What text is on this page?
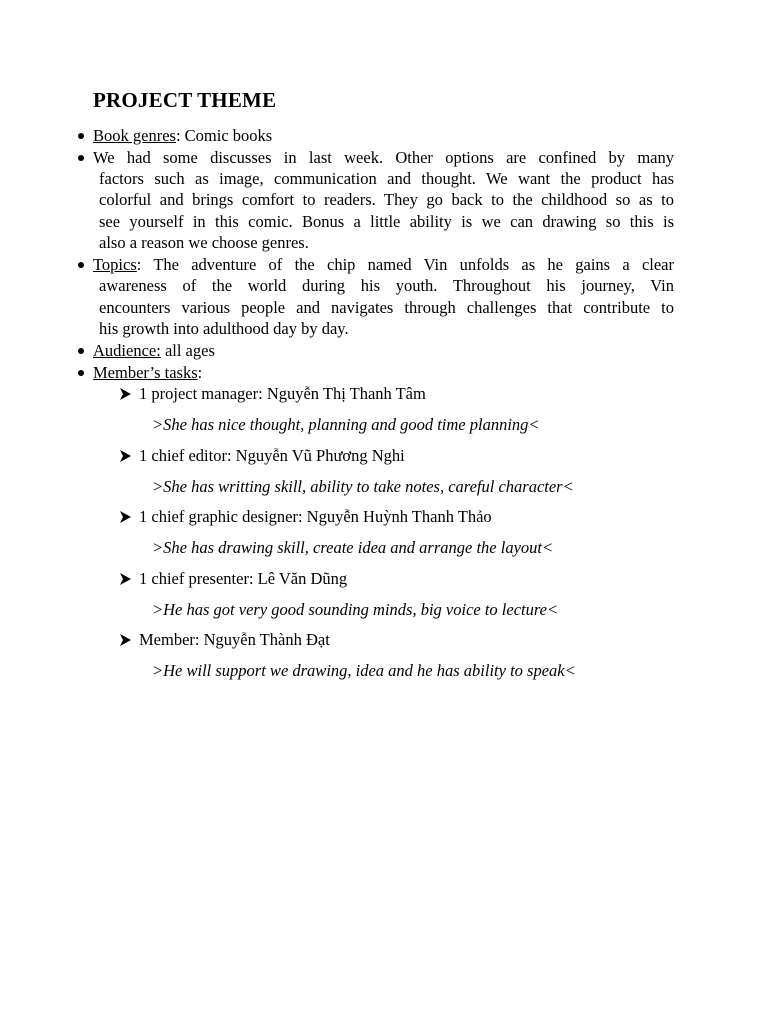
PROJECT THEME
Book genres: Comic books
We had some discusses in last week. Other options are confined by many
factors such as image, communication and thought. We want the product has
colorful and brings comfort to readers. They go back to the childhood so as to
see yourself in this comic. Bonus a little ability is we can drawing so this is
also a reason we choose genres.
Topics: The adventure of the chip named Vin unfolds as he gains a clear
awareness of the world during his youth. Throughout his journey, Vin
encounters various people and navigates through challenges that contribute to
his growth into adulthood day by day.
Audience: all ages
Member’s tasks:
1 project manager: Nguyễn Thị Thanh Tâm
>She has nice thought, planning and good time planning<
1 chief editor: Nguyễn Vũ Phương Nghi
>She has writting skill, ability to take notes, careful character<
1 chief graphic designer: Nguyễn Huỳnh Thanh Thảo
>She has drawing skill, create idea and arrange the layout<
1 chief presenter: Lê Văn Dũng
>He has got very good sounding minds, big voice to lecture<
Member: Nguyễn Thành Đạt
>He will support we drawing, idea and he has ability to speak<
